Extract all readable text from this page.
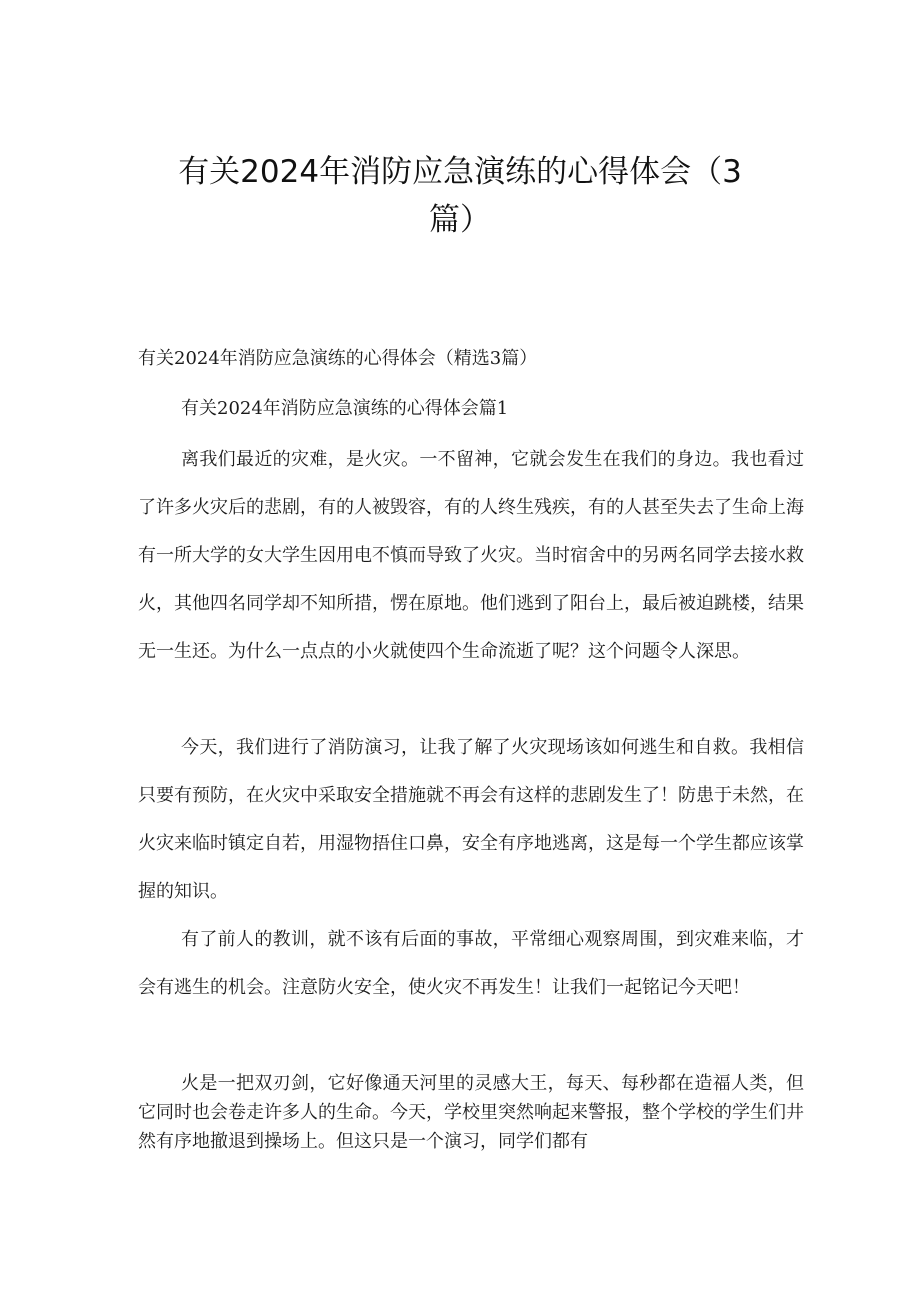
有关2024年消防应急演练的心得体会（3
篇）
有关2024年消防应急演练的心得体会（精选3篇）
有关2024年消防应急演练的心得体会篇1

离我们最近的灾难，是火灾。一不留神，它就会发生在我们的身边。我也看过了许多火灾后的悲剧，有的人被毁容，有的人终生残疾，有的人甚至失去了生命上海有一所大学的女大学生因用电不慎而导致了火灾。当时宿舍中的另两名同学去接水救火，其他四名同学却不知所措，愣在原地。他们逃到了阳台上，最后被迫跳楼，结果无一生还。为什么一点点的小火就使四个生命流逝了呢？这个问题令人深思。

今天，我们进行了消防演习，让我了解了火灾现场该如何逃生和自救。我相信只要有预防，在火灾中采取安全措施就不再会有这样的悲剧发生了！防患于未然，在火灾来临时镇定自若，用湿物捂住口鼻，安全有序地逃离，这是每一个学生都应该掌握的知识。

有了前人的教训，就不该有后面的事故，平常细心观察周围，到灾难来临，才会有逃生的机会。注意防火安全，使火灾不再发生！让我们一起铭记今天吧！

火是一把双刃剑，它好像通天河里的灵感大王，每天、每秒都在造福人类，但它同时也会卷走许多人的生命。今天，学校里突然响起来警报，整个学校的学生们井然有序地撤退到操场上。但这只是一个演习，同学们都有
